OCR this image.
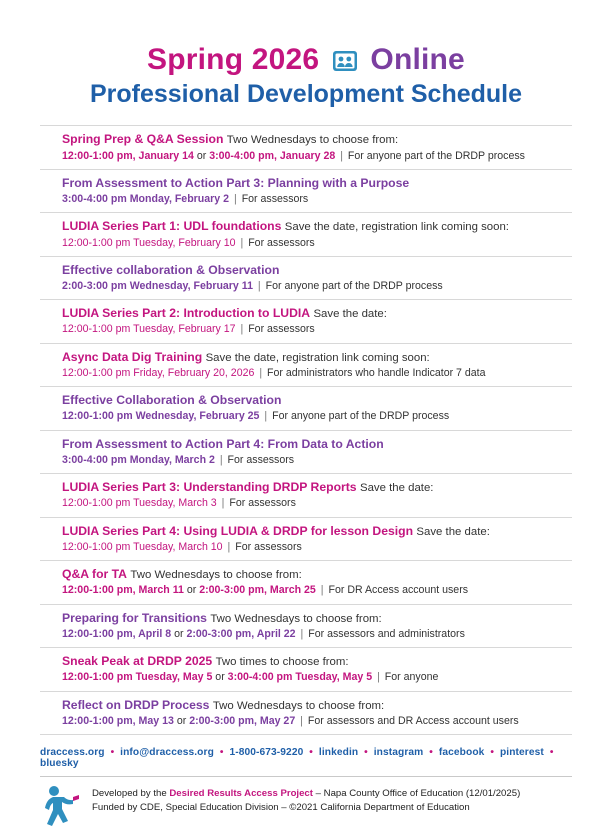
Spring 2026 Online
Professional Development Schedule
Spring Prep & Q&A Session Two Wednesdays to choose from:
12:00-1:00 pm, January 14 or 3:00-4:00 pm, January 28 | For anyone part of the DRDP process
From Assessment to Action Part 3: Planning with a Purpose
3:00-4:00 pm Monday, February 2 | For assessors
LUDIA Series Part 1: UDL foundations Save the date, registration link coming soon:
12:00-1:00 pm Tuesday, February 10 | For assessors
Effective collaboration & Observation
2:00-3:00 pm Wednesday, February 11 | For anyone part of the DRDP process
LUDIA Series Part 2: Introduction to LUDIA Save the date:
12:00-1:00 pm Tuesday, February 17 | For assessors
Async Data Dig Training Save the date, registration link coming soon:
12:00-1:00 pm Friday, February 20, 2026 | For administrators who handle Indicator 7 data
Effective Collaboration & Observation
12:00-1:00 pm Wednesday, February 25 | For anyone part of the DRDP process
From Assessment to Action Part 4: From Data to Action
3:00-4:00 pm Monday, March 2 | For assessors
LUDIA Series Part 3: Understanding DRDP Reports Save the date:
12:00-1:00 pm Tuesday, March 3 | For assessors
LUDIA Series Part 4: Using LUDIA & DRDP for lesson Design Save the date:
12:00-1:00 pm Tuesday, March 10 | For assessors
Q&A for TA Two Wednesdays to choose from:
12:00-1:00 pm, March 11 or 2:00-3:00 pm, March 25 | For DR Access account users
Preparing for Transitions Two Wednesdays to choose from:
12:00-1:00 pm, April 8 or 2:00-3:00 pm, April 22 | For assessors and administrators
Sneak Peak at DRDP 2025 Two times to choose from:
12:00-1:00 pm Tuesday, May 5 or 3:00-4:00 pm Tuesday, May 5 | For anyone
Reflect on DRDP Process Two Wednesdays to choose from:
12:00-1:00 pm, May 13 or 2:00-3:00 pm, May 27 | For assessors and DR Access account users
draccess.org • info@draccess.org • 1-800-673-9220 • linkedin • instagram • facebook • pinterest • bluesky
Developed by the Desired Results Access Project – Napa County Office of Education (12/01/2025)
Funded by CDE, Special Education Division – ©2021 California Department of Education
